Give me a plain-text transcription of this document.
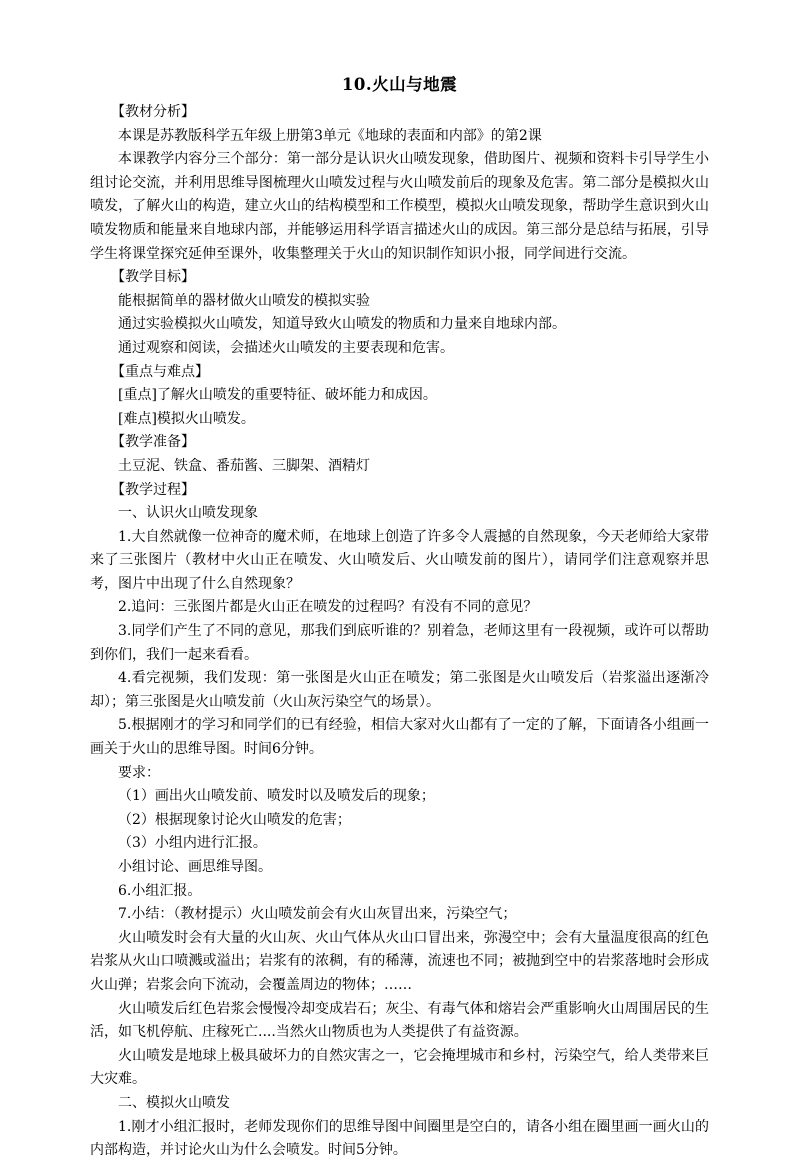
10.火山与地震

【教材分析】

本课是苏教版科学五年级上册第3单元《地球的表面和内部》的第2课

本课教学内容分三个部分：第一部分是认识火山喷发现象，借助图片、视频和资料卡引导学生小组讨论交流，并利用思维导图梳理火山喷发过程与火山喷发前后的现象及危害。第二部分是模拟火山喷发，了解火山的构造，建立火山的结构模型和工作模型，模拟火山喷发现象，帮助学生意识到火山喷发物质和能量来自地球内部，并能够运用科学语言描述火山的成因。第三部分是总结与拓展，引导学生将课堂探究延伸至课外，收集整理关于火山的知识制作知识小报，同学间进行交流。

【教学目标】

能根据简单的器材做火山喷发的模拟实验

通过实验模拟火山喷发，知道导致火山喷发的物质和力量来自地球内部。

通过观察和阅读，会描述火山喷发的主要表现和危害。

【重点与难点】

[重点]了解火山喷发的重要特征、破坏能力和成因。

[难点]模拟火山喷发。

【教学准备】

土豆泥、铁盒、番茄酱、三脚架、酒精灯

【教学过程】

一、认识火山喷发现象

1.大自然就像一位神奇的魔术师，在地球上创造了许多令人震撼的自然现象，今天老师给大家带来了三张图片（教材中火山正在喷发、火山喷发后、火山喷发前的图片），请同学们注意观察并思考，图片中出现了什么自然现象？

2.追问：三张图片都是火山正在喷发的过程吗？有没有不同的意见？

3.同学们产生了不同的意见，那我们到底听谁的？别着急，老师这里有一段视频，或许可以帮助到你们，我们一起来看看。

4.看完视频，我们发现：第一张图是火山正在喷发；第二张图是火山喷发后（岩浆溢出逐渐冷却）；第三张图是火山喷发前（火山灰污染空气的场景）。

5.根据刚才的学习和同学们的已有经验，相信大家对火山都有了一定的了解，下面请各小组画一画关于火山的思维导图。时间6分钟。

要求：

（1）画出火山喷发前、喷发时以及喷发后的现象；

（2）根据现象讨论火山喷发的危害；

（3）小组内进行汇报。

小组讨论、画思维导图。

6.小组汇报。

7.小结：（教材提示）火山喷发前会有火山灰冒出来，污染空气；

火山喷发时会有大量的火山灰、火山气体从火山口冒出来，弥漫空中；会有大量温度很高的红色岩浆从火山口喷溅或溢出；岩浆有的浓稠，有的稀薄，流速也不同；被抛到空中的岩浆落地时会形成火山弹；岩浆会向下流动，会覆盖周边的物体；……

火山喷发后红色岩浆会慢慢冷却变成岩石；灰尘、有毒气体和熔岩会严重影响火山周围居民的生活，如飞机停航、庄稼死亡....当然火山物质也为人类提供了有益资源。

火山喷发是地球上极具破坏力的自然灾害之一，它会掩埋城市和乡村，污染空气，给人类带来巨大灾难。

二、模拟火山喷发

1.刚才小组汇报时，老师发现你们的思维导图中间圈里是空白的，请各小组在圈里画一画火山的内部构造，并讨论火山为什么会喷发。时间5分钟。
